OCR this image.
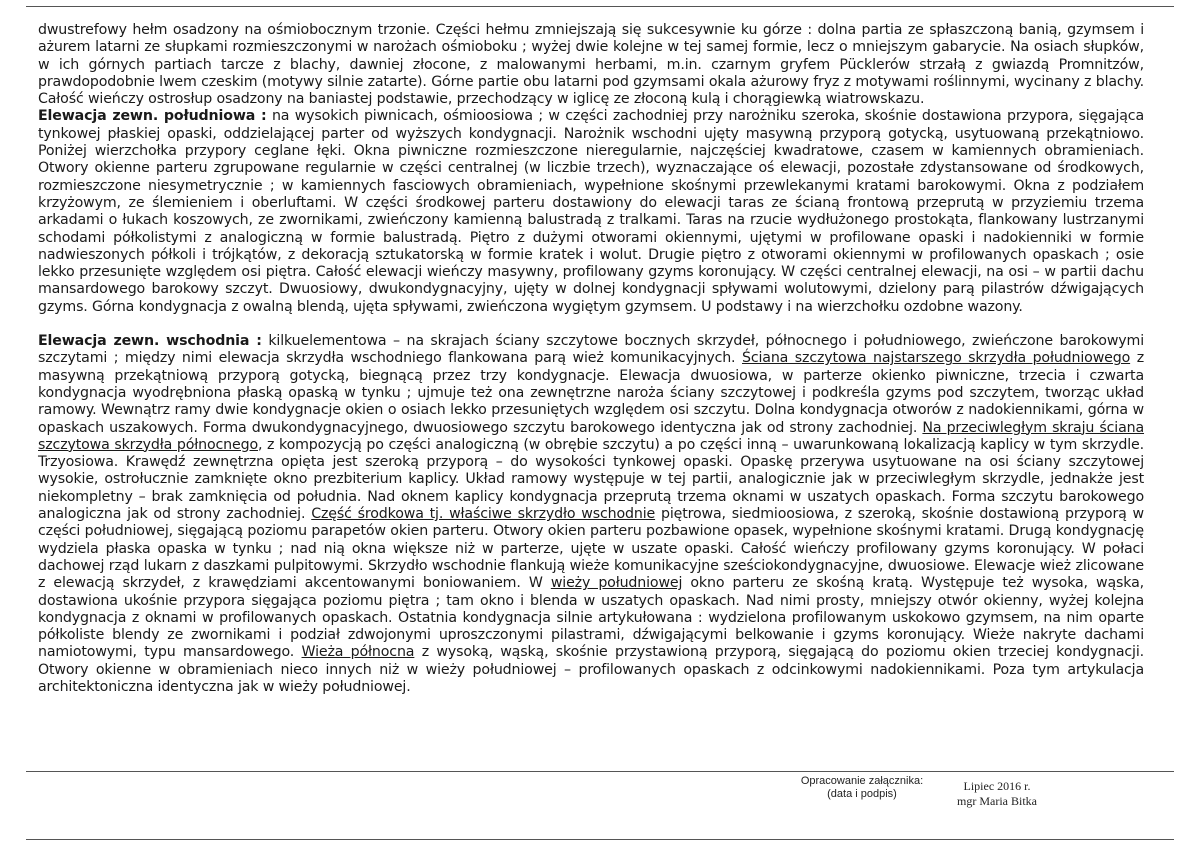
dwustrefowy hełm osadzony na ośmiobocznym trzonie. Części hełmu zmniejszają się sukcesywnie ku górze : dolna partia ze spłaszczoną banią, gzymsem i ażurem latarni ze słupkami rozmieszczonymi w narożach ośmioboku ; wyżej dwie kolejne w tej samej formie, lecz o mniejszym gabarycie. Na osiach słupków, w ich górnych partiach tarcze z blachy, dawniej złocone, z malowanymi herbami, m.in. czarnym gryfem Pücklerów strzałą z gwiazdą Promnitzów, prawdopodobnie lwem czeskim (motywy silnie zatarte). Górne partie obu latarni pod gzymsami okala ażurowy fryz z motywami roślinnymi, wycinany z blachy. Całość wieńczy ostrosłup osadzony na baniastej podstawie, przechodzący w iglicę ze złoconą kulą i chorągiewką wiatrowskazu.

Elewacja zewn. południowa : na wysokich piwnicach, ośmioosiowa ; w części zachodniej przy narożniku szeroka, skośnie dostawiona przypora, sięgająca tynkowej płaskiej opaski, oddzielającej parter od wyższych kondygnacji. Narożnik wschodni ujęty masywną przyporą gotycką, usytuowaną przekątniowo. Poniżej wierzchołka przypory ceglane łęki. Okna piwniczne rozmieszczone nieregularnie, najczęściej kwadratowe, czasem w kamiennych obramieniach. Otwory okienne parteru zgrupowane regularnie w części centralnej (w liczbie trzech), wyznaczające oś elewacji, pozostałe zdystansowane od środkowych, rozmieszczone niesymetrycznie ; w kamiennych fasciowych obramieniach, wypełnione skośnymi przewlekanymi kratami barokowymi. Okna z podziałem krzyżowym, ze ślemieniem i oberluftami. W części środkowej parteru dostawiony do elewacji taras ze ścianą frontową przeprutą w przyziemiu trzema arkadami o łukach koszowych, ze zwornikami, zwieńczony kamienną balustradą z tralkami. Taras na rzucie wydłużonego prostokąta, flankowany lustrzanymi schodami półkolistymi z analogiczną w formie balustradą. Piętro z dużymi otworami okiennymi, ujętymi w profilowane opaski i nadokienniki w formie nadwieszonych półkoli i trójkątów, z dekoracją sztukatorską w formie kratek i wolut. Drugie piętro z otworami okiennymi w profilowanych opaskach ; osie lekko przesunięte względem osi piętra. Całość elewacji wieńczy masywny, profilowany gzyms koronujący. W części centralnej elewacji, na osi – w partii dachu mansardowego barokowy szczyt. Dwuosiowy, dwukondygnacyjny, ujęty w dolnej kondygnacji spływami wolutowymi, dzielony parą pilastrów dźwigających gzyms. Górna kondygnacja z owalną blendą, ujęta spływami, zwieńczona wygiętym gzymsem. U podstawy i na wierzchołku ozdobne wazony.

Elewacja zewn. wschodnia : kilkuelementowa – na skrajach ściany szczytowe bocznych skrzydeł, północnego i południowego, zwieńczone barokowymi szczytami ; między nimi elewacja skrzydła wschodniego flankowana parą wież komunikacyjnych. Ściana szczytowa najstarszego skrzydła południowego z masywną przekątniową przyporą gotycką, biegnącą przez trzy kondygnacje. Elewacja dwuosiowa, w parterze okienko piwniczne, trzecia i czwarta kondygnacja wyodrębniona płaską opaską w tynku ; ujmuje też ona zewnętrzne naroża ściany szczytowej i podkreśla gzyms pod szczytem, tworząc układ ramowy. Wewnątrz ramy dwie kondygnacje okien o osiach lekko przesuniętych względem osi szczytu. Dolna kondygnacja otworów z nadokiennikami, górna w opaskach uszakowych. Forma dwukondygnacyjnego, dwuosiowego szczytu barokowego identyczna jak od strony zachodniej. Na przeciwległym skraju ściana szczytowa skrzydła północnego, z kompozycją po części analogiczną (w obrębie szczytu) a po części inną – uwarunkowaną lokalizacją kaplicy w tym skrzydle. Trzyosiowa. Krawędź zewnętrzna opięta jest szeroką przyporą – do wysokości tynkowej opaski. Opaskę przerywa usytuowane na osi ściany szczytowej wysokie, ostrołucznie zamknięte okno prezbiterium kaplicy. Układ ramowy występuje w tej partii, analogicznie jak w przeciwległym skrzydle, jednakże jest niekompletny – brak zamknięcia od południa. Nad oknem kaplicy kondygnacja przeprutą trzema oknami w uszatych opaskach. Forma szczytu barokowego analogiczna jak od strony zachodniej. Część środkowa tj. właściwe skrzydło wschodnie piętrowa, siedmioosiowa, z szeroką, skośnie dostawioną przyporą w części południowej, sięgającą poziomu parapetów okien parteru. Otwory okien parteru pozbawione opasek, wypełnione skośnymi kratami. Drugą kondygnację wydziela płaska opaska w tynku ; nad nią okna większe niż w parterze, ujęte w uszate opaski. Całość wieńczy profilowany gzyms koronujący. W połaci dachowej rząd lukarn z daszkami pulpitowymi. Skrzydło wschodnie flankują wieże komunikacyjne sześciokondygnacyjne, dwuosiowe. Elewacje wież zlicowane z elewacją skrzydeł, z krawędziami akcentowanymi boniowaniem. W wieży południowej okno parteru ze skośną kratą. Występuje też wysoka, wąska, dostawiona ukośnie przypora sięgająca poziomu piętra ; tam okno i blenda w uszatych opaskach. Nad nimi prosty, mniejszy otwór okienny, wyżej kolejna kondygnacja z oknami w profilowanych opaskach. Ostatnia kondygnacja silnie artykułowana : wydzielona profilowanym uskokowo gzymsem, na nim oparte półkoliste blendy ze zwornikami i podział zdwojonymi uproszczonymi pilastrami, dźwigającymi belkowanie i gzyms koronujący. Wieże nakryte dachami namiotowymi, typu mansardowego. Wieża północna z wysoką, wąską, skośnie przystawioną przyporą, sięgającą do poziomu okien trzeciej kondygnacji. Otwory okienne w obramieniach nieco innych niż w wieży południowej – profilowanych opaskach z odcinkowymi nadokiennikami. Poza tym artykulacja architektoniczna identyczna jak w wieży południowej.

Opracowanie załącznika:
(data i podpis)
Lipiec 2016 r.
mgr Maria Bitka
